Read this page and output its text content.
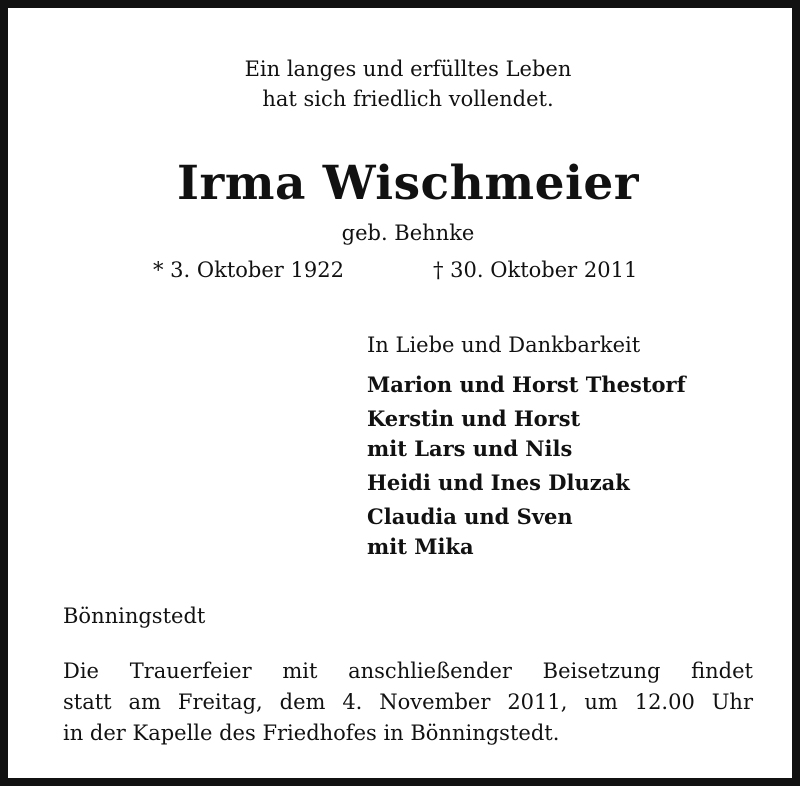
Ein langes und erfülltes Leben
hat sich friedlich vollendet.
Irma Wischmeier
geb. Behnke
* 3. Oktober 1922	† 30. Oktober 2011
In Liebe und Dankbarkeit
Marion und Horst Thestorf
Kerstin und Horst
mit Lars und Nils
Heidi und Ines Dluzak
Claudia und Sven
mit Mika
Bönningstedt
Die Trauerfeier mit anschließender Beisetzung findet
statt am Freitag, dem 4. November 2011, um 12.00 Uhr
in der Kapelle des Friedhofes in Bönningstedt.
